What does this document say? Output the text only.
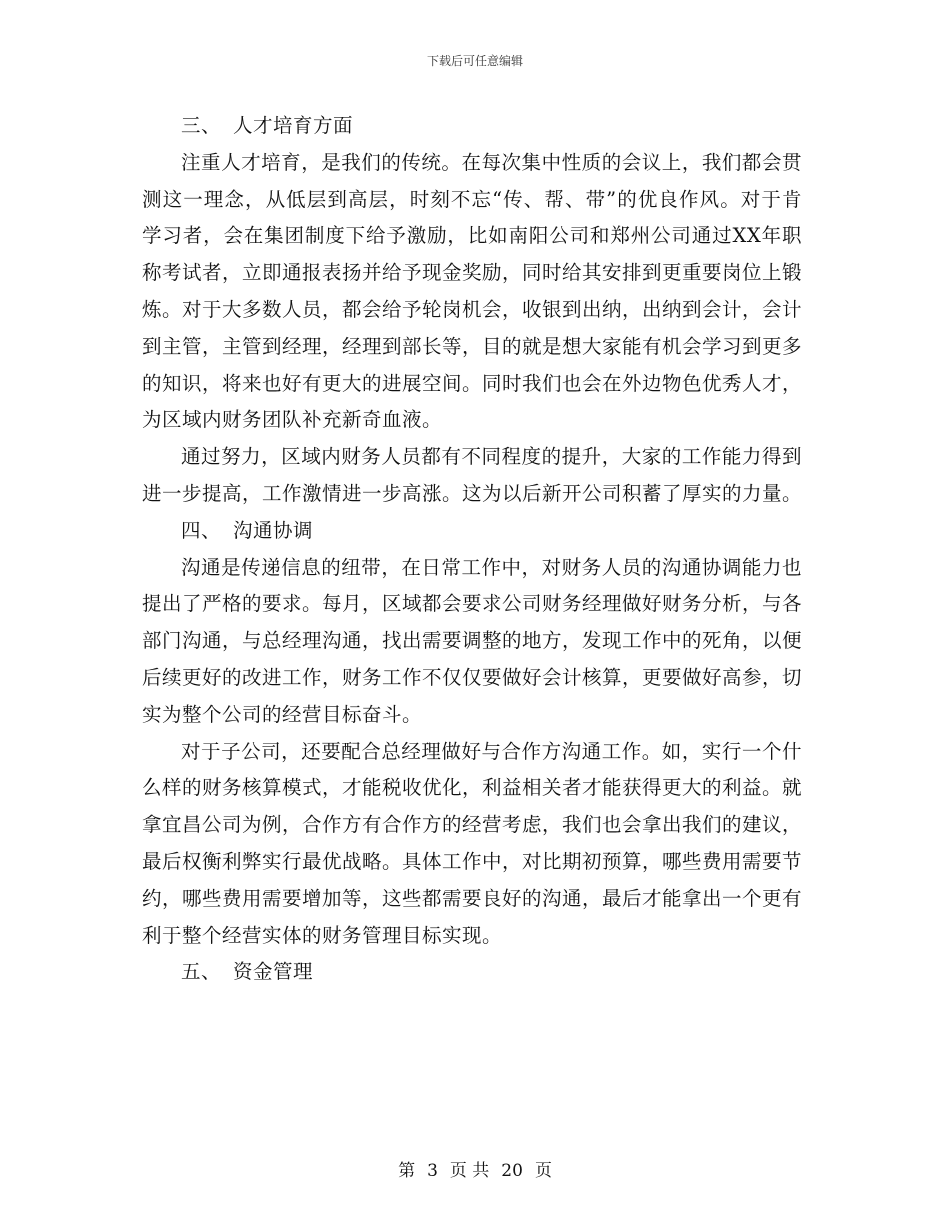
下载后可任意编辑

三、 人才培育方面

注重人才培育，是我们的传统。在每次集中性质的会议上，我们都会贯测这一理念，从低层到高层，时刻不忘“传、帮、带”的优良作风。对于肯学习者，会在集团制度下给予激励，比如南阳公司和郑州公司通过XX年职称考试者，立即通报表扬并给予现金奖励，同时给其安排到更重要岗位上锻炼。对于大多数人员，都会给予轮岗机会，收银到出纳，出纳到会计，会计到主管，主管到经理，经理到部长等，目的就是想大家能有机会学习到更多的知识，将来也好有更大的进展空间。同时我们也会在外边物色优秀人才，为区域内财务团队补充新奇血液。

通过努力，区域内财务人员都有不同程度的提升，大家的工作能力得到进一步提高，工作激情进一步高涨。这为以后新开公司积蓄了厚实的力量。

四、 沟通协调

沟通是传递信息的纽带，在日常工作中，对财务人员的沟通协调能力也提出了严格的要求。每月，区域都会要求公司财务经理做好财务分析，与各部门沟通，与总经理沟通，找出需要调整的地方，发现工作中的死角，以便后续更好的改进工作，财务工作不仅仅要做好会计核算，更要做好高参，切实为整个公司的经营目标奋斗。

对于子公司，还要配合总经理做好与合作方沟通工作。如，实行一个什么样的财务核算模式，才能税收优化，利益相关者才能获得更大的利益。就拿宜昌公司为例，合作方有合作方的经营考虑，我们也会拿出我们的建议，最后权衡利弊实行最优战略。具体工作中，对比期初预算，哪些费用需要节约，哪些费用需要增加等，这些都需要良好的沟通，最后才能拿出一个更有利于整个经营实体的财务管理目标实现。

五、 资金管理

第 3 页 共 20 页
